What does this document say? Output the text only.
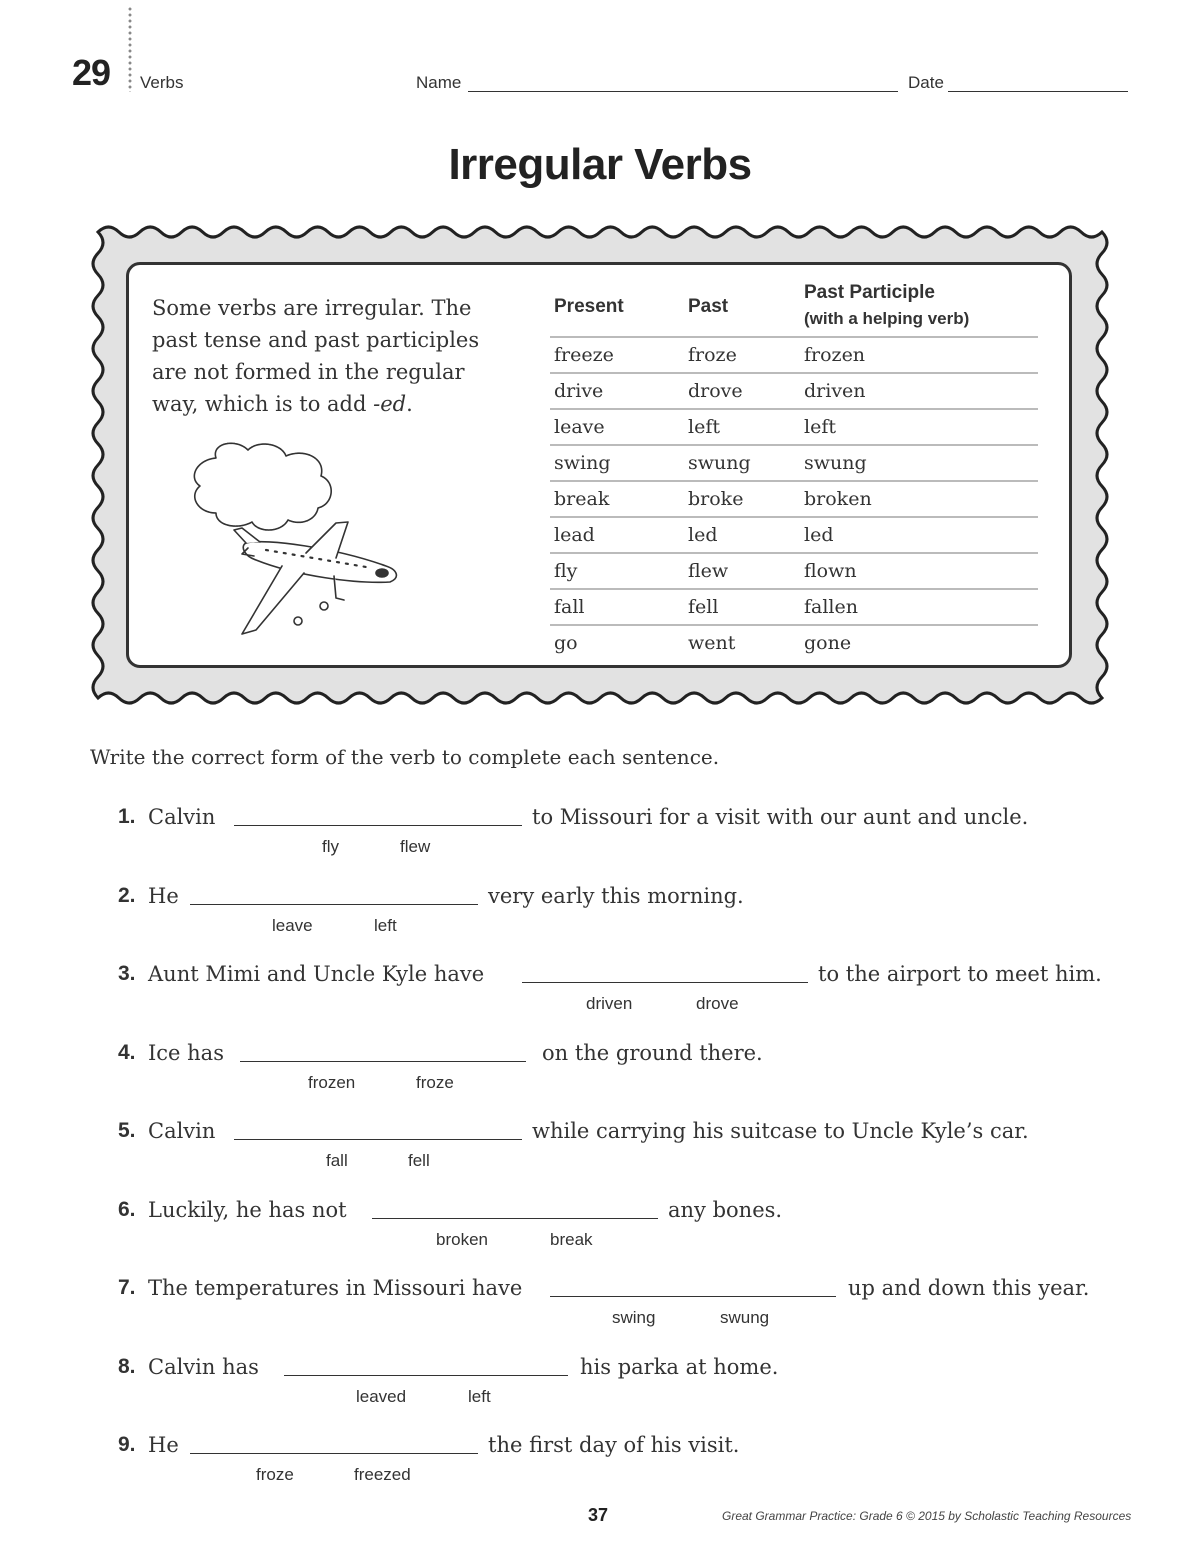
29 Verbs	Name	Date
Irregular Verbs
Some verbs are irregular. The past tense and past participles are not formed in the regular way, which is to add -ed.
Present	Past
Past Participle
(with a helping verb)
freeze	froze	frozen
drive	drove	driven
leave	left	left
swing	swung	swung
break	broke	broken
lead	led	led
fly	flew	flown
fall	fell	fallen
go	went	gone
Write the correct form of the verb to complete each sentence.
1. Calvin	to Missouri for a visit with our aunt and uncle.
fly	flew
2. He	very early this morning.
leave	left
3. Aunt Mimi and Uncle Kyle have	to the airport to meet him.
driven	drove
4. Ice has	on the ground there.
frozen	froze
5. Calvin	while carrying his suitcase to Uncle Kyle’s car.
fall	fell
6. Luckily, he has not	any bones.
broken	break
7. The temperatures in Missouri have	up and down this year.
swing	swung
8. Calvin has	his parka at home.
leaved	left
9. He	the first day of his visit.
froze	freezed
37	Great Grammar Practice: Grade 6 © 2015 by Scholastic Teaching Resources
